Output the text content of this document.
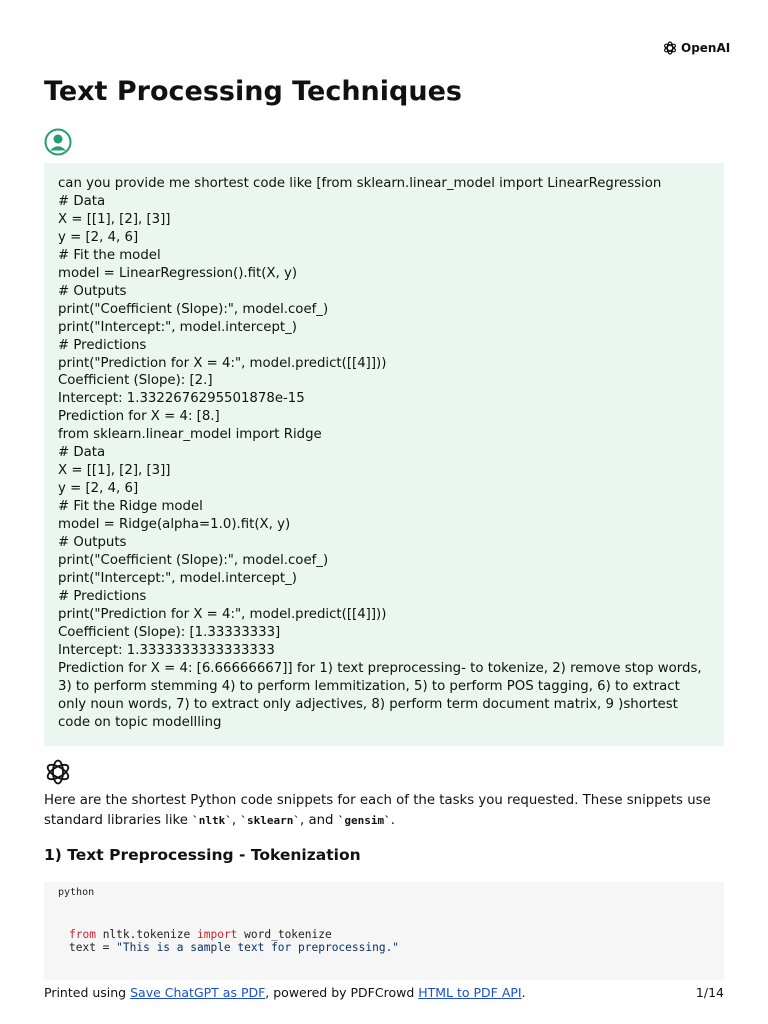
OpenAI
Text Processing Techniques
can you provide me shortest code like [from sklearn.linear_model import LinearRegression
# Data
X = [[1], [2], [3]]
y = [2, 4, 6]
# Fit the model
model = LinearRegression().fit(X, y)
# Outputs
print("Coefficient (Slope):", model.coef_)
print("Intercept:", model.intercept_)
# Predictions
print("Prediction for X = 4:", model.predict([[4]]))
Coefficient (Slope): [2.]
Intercept: 1.3322676295501878e-15
Prediction for X = 4: [8.]
from sklearn.linear_model import Ridge
# Data
X = [[1], [2], [3]]
y = [2, 4, 6]
# Fit the Ridge model
model = Ridge(alpha=1.0).fit(X, y)
# Outputs
print("Coefficient (Slope):", model.coef_)
print("Intercept:", model.intercept_)
# Predictions
print("Prediction for X = 4:", model.predict([[4]]))
Coefficient (Slope): [1.33333333]
Intercept: 1.3333333333333333
Prediction for X = 4: [6.66666667]] for 1) text preprocessing- to tokenize, 2) remove stop words, 3) to perform stemming 4) to perform lemmitization, 5) to perform POS tagging, 6) to extract only noun words, 7) to extract only adjectives, 8) perform term document matrix, 9 )shortest code on topic modellling

Here are the shortest Python code snippets for each of the tasks you requested. These snippets use standard libraries like `nltk`, `sklearn`, and `gensim`.

1) Text Preprocessing - Tokenization
python
from nltk.tokenize import word_tokenize
text = "This is a sample text for preprocessing."
Printed using Save ChatGPT as PDF, powered by PDFCrowd HTML to PDF API.	1/14
